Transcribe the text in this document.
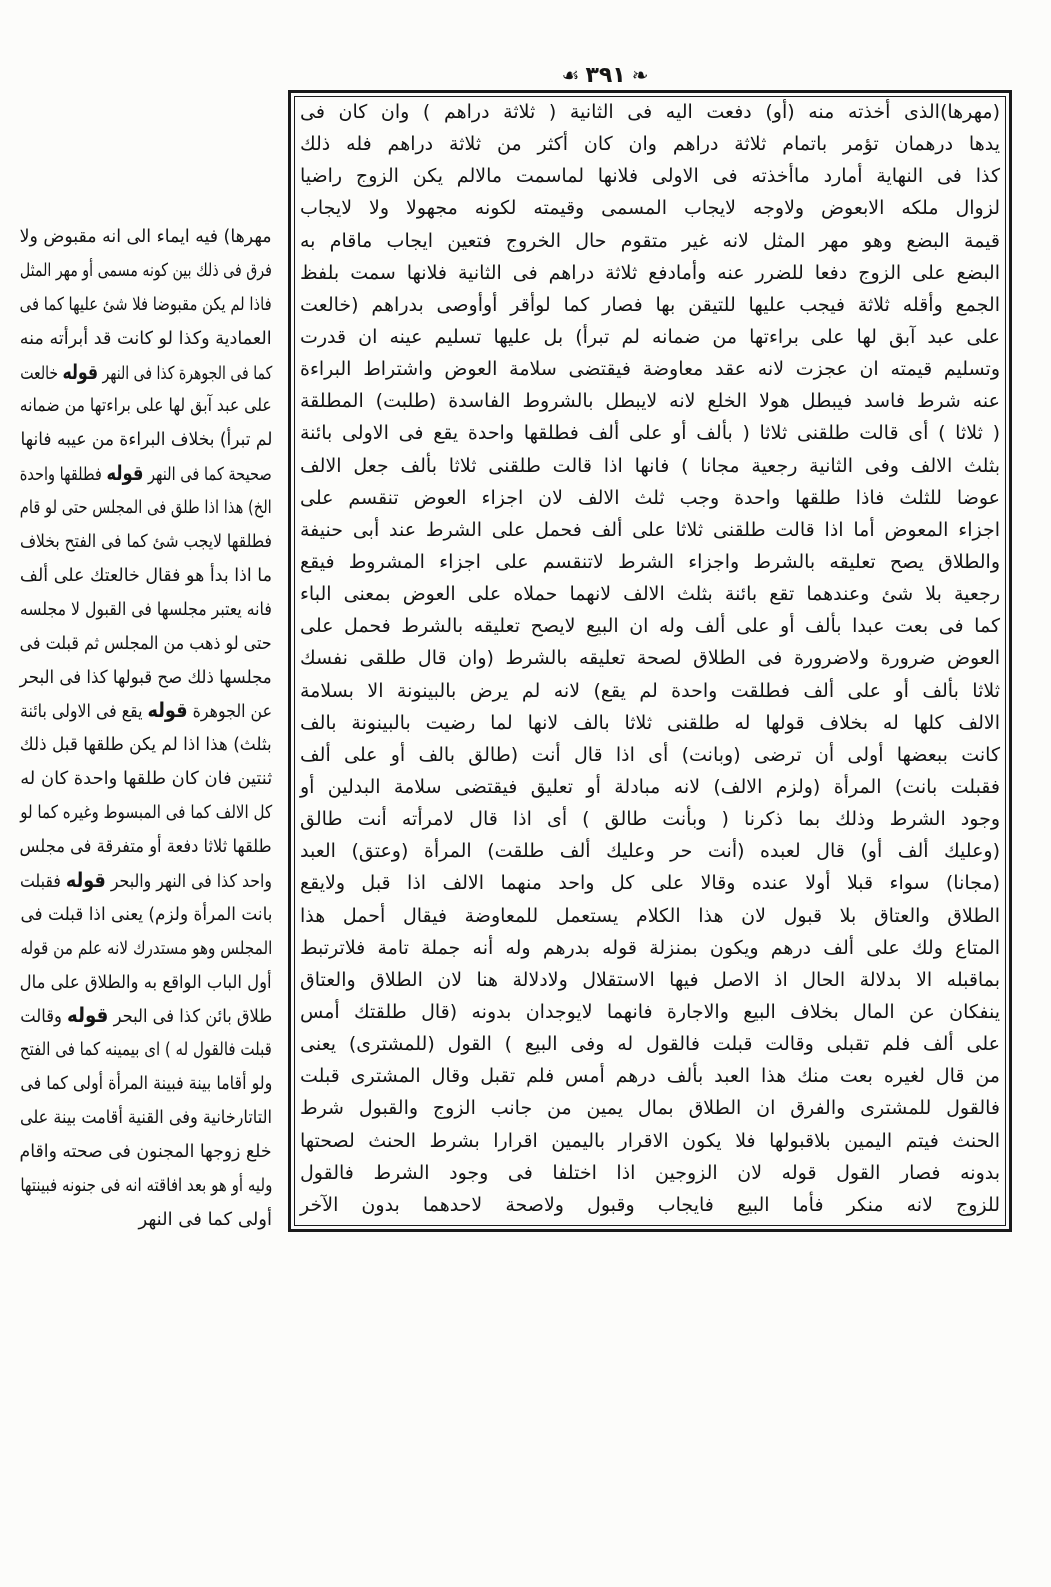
❧
۳۹۱
☙
(مهرها)الذى أخذته منه (أو) دفعت اليه فى الثانية ( ثلاثة دراهم ) وان كان فى
يدها درهمان تؤمر باتمام ثلاثة دراهم وان كان أكثر من ثلاثة دراهم فله ذلك
كذا فى النهاية أمارد ماأخذته فى الاولى فلانها لماسمت مالالم يكن الزوج راضيا
لزوال ملكه الابعوض ولاوجه لايجاب المسمى وقيمته لكونه مجهولا ولا لايجاب
قيمة البضع وهو مهر المثل لانه غير متقوم حال الخروج فتعين ايجاب ماقام به
البضع على الزوج دفعا للضرر عنه وأمادفع ثلاثة دراهم فى الثانية فلانها سمت بلفظ
الجمع وأقله ثلاثة فيجب عليها للتيقن بها فصار كما لوأقر أوأوصى بدراهم (خالعت
على عبد آبق لها على براءتها من ضمانه لم تبرأ) بل عليها تسليم عينه ان قدرت
وتسليم قيمته ان عجزت لانه عقد معاوضة فيقتضى سلامة العوض واشتراط البراءة
عنه شرط فاسد فيبطل هولا الخلع لانه لايبطل بالشروط الفاسدة (طلبت) المطلقة
( ثلاثا ) أى قالت طلقنى ثلاثا ( بألف أو على ألف فطلقها واحدة يقع فى الاولى بائنة
بثلث الالف وفى الثانية رجعية مجانا ) فانها اذا قالت طلقنى ثلاثا بألف جعل الالف
عوضا للثلث فاذا طلقها واحدة وجب ثلث الالف لان اجزاء العوض تنقسم على
اجزاء المعوض أما اذا قالت طلقنى ثلاثا على ألف فحمل على الشرط عند أبى حنيفة
والطلاق يصح تعليقه بالشرط واجزاء الشرط لاتنقسم على اجزاء المشروط فيقع
رجعية بلا شئ وعندهما تقع بائنة بثلث الالف لانهما حملاه على العوض بمعنى الباء
كما فى بعت عبدا بألف أو على ألف وله ان البيع لايصح تعليقه بالشرط فحمل على
العوض ضرورة ولاضرورة فى الطلاق لصحة تعليقه بالشرط (وان قال طلقى نفسك
ثلاثا بألف أو على ألف فطلقت واحدة لم يقع) لانه لم يرض بالبينونة الا بسلامة
الالف كلها له بخلاف قولها له طلقنى ثلاثا بالف لانها لما رضيت بالبينونة بالف
كانت ببعضها أولى أن ترضى (وبانت) أى اذا قال أنت (طالق بالف أو على ألف
فقبلت بانت) المرأة (ولزم الالف) لانه مبادلة أو تعليق فيقتضى سلامة البدلين أو
وجود الشرط وذلك بما ذكرنا ( وبأنت طالق ) أى اذا قال لامرأته أنت طالق
(وعليك ألف أو) قال لعبده (أنت حر وعليك ألف طلقت) المرأة (وعتق) العبد
(مجانا) سواء قبلا أولا عنده وقالا على كل واحد منهما الالف اذا قبل ولايقع
الطلاق والعتاق بلا قبول لان هذا الكلام يستعمل للمعاوضة فيقال أحمل هذا
المتاع ولك على ألف درهم ويكون بمنزلة قوله بدرهم وله أنه جملة تامة فلاترتبط
بماقبله الا بدلالة الحال اذ الاصل فيها الاستقلال ولادلالة هنا لان الطلاق والعتاق
ينفكان عن المال بخلاف البيع والاجارة فانهما لايوجدان بدونه (قال طلقتك أمس
على ألف فلم تقبلى وقالت قبلت فالقول له وفى البيع ) القول (للمشترى) يعنى
من قال لغيره بعت منك هذا العبد بألف درهم أمس فلم تقبل وقال المشترى قبلت
فالقول للمشترى والفرق ان الطلاق بمال يمين من جانب الزوج والقبول شرط
الحنث فيتم اليمين بلاقبولها فلا يكون الاقرار باليمين اقرارا بشرط الحنث لصحتها
بدونه فصار القول قوله لان الزوجين اذا اختلفا فى وجود الشرط فالقول
للزوج لانه منكر فأما البيع فايجاب وقبول ولاصحة لاحدهما بدون الآخر
مهرها) فيه ايماء الى انه مقبوض ولا
فرق فى ذلك بين كونه مسمى أو مهر المثل
فاذا لم يكن مقبوضا فلا شئ عليها كما فى
العمادية وكذا لو كانت قد أبرأته منه
كما فى الجوهرة كذا فى النهر قوله خالعت
على عبد آبق لها على براءتها من ضمانه
لم تبرأ) بخلاف البراءة من عيبه فانها
صحيحة كما فى النهر قوله فطلقها واحدة
الخ) هذا اذا طلق فى المجلس حتى لو قام
فطلقها لايجب شئ كما فى الفتح بخلاف
ما اذا بدأ هو فقال خالعتك على ألف
فانه يعتبر مجلسها فى القبول لا مجلسه
حتى لو ذهب من المجلس ثم قبلت فى
مجلسها ذلك صح قبولها كذا فى البحر
عن الجوهرة قوله يقع فى الاولى بائنة
بثلث) هذا اذا لم يكن طلقها قبل ذلك
ثنتين فان كان طلقها واحدة كان له
كل الالف كما فى المبسوط وغيره كما لو
طلقها ثلاثا دفعة أو متفرقة فى مجلس
واحد كذا فى النهر والبحر قوله فقبلت
بانت المرأة ولزم) يعنى اذا قبلت فى
المجلس وهو مستدرك لانه علم من قوله
أول الباب الواقع به والطلاق على مال
طلاق بائن كذا فى البحر قوله وقالت
قبلت فالقول له ) اى بيمينه كما فى الفتح
ولو أقاما بينة فبينة المرأة أولى كما فى
التاتارخانية وفى القنية أقامت بينة على
خلع زوجها المجنون فى صحته واقام
وليه أو هو بعد افاقته انه فى جنونه فبينتها
أولى كما فى النهر
